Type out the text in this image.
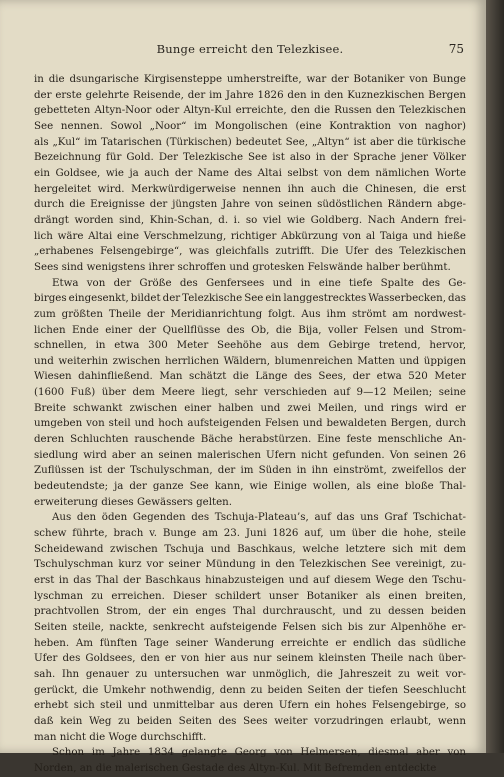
Bunge erreicht den Telezkisee.	75
in die dsungarische Kirgisensteppe umherstreifte, war der Botaniker von Bunge
der erste gelehrte Reisende, der im Jahre 1826 den in den Kuznezkischen Bergen
gebetteten Altyn-Noor oder Altyn-Kul erreichte, den die Russen den Telezkischen
See nennen. Sowol „Noor“ im Mongolischen (eine Kontraktion von naghor)
als „Kul“ im Tatarischen (Türkischen) bedeutet See, „Altyn“ ist aber die türkische
Bezeichnung für Gold. Der Telezkische See ist also in der Sprache jener Völker
ein Goldsee, wie ja auch der Name des Altai selbst von dem nämlichen Worte
hergeleitet wird. Merkwürdigerweise nennen ihn auch die Chinesen, die erst
durch die Ereignisse der jüngsten Jahre von seinen südöstlichen Rändern abge-
drängt worden sind, Khin-Schan, d. i. so viel wie Goldberg. Nach Andern frei-
lich wäre Altai eine Verschmelzung, richtiger Abkürzung von al Taiga und hieße
„erhabenes Felsengebirge“, was gleichfalls zutrifft. Die Ufer des Telezkischen
Sees sind wenigstens ihrer schroffen und grotesken Felswände halber berühmt.
Etwa von der Größe des Genfersees und in eine tiefe Spalte des Ge-
birges eingesenkt, bildet der Telezkische See ein langgestrecktes Wasserbecken, das
zum größten Theile der Meridianrichtung folgt. Aus ihm strömt am nordwest-
lichen Ende einer der Quellflüsse des Ob, die Bija, voller Felsen und Strom-
schnellen, in etwa 300 Meter Seehöhe aus dem Gebirge tretend, hervor,
und weiterhin zwischen herrlichen Wäldern, blumenreichen Matten und üppigen
Wiesen dahinfließend. Man schätzt die Länge des Sees, der etwa 520 Meter
(1600 Fuß) über dem Meere liegt, sehr verschieden auf 9—12 Meilen; seine
Breite schwankt zwischen einer halben und zwei Meilen, und rings wird er
umgeben von steil und hoch aufsteigenden Felsen und bewaldeten Bergen, durch
deren Schluchten rauschende Bäche herabstürzen. Eine feste menschliche An-
siedlung wird aber an seinen malerischen Ufern nicht gefunden. Von seinen 26
Zuflüssen ist der Tschulyschman, der im Süden in ihn einströmt, zweifellos der
bedeutendste; ja der ganze See kann, wie Einige wollen, als eine bloße Thal-
erweiterung dieses Gewässers gelten.
Aus den öden Gegenden des Tschuja-Plateau’s, auf das uns Graf Tschichat-
schew führte, brach v. Bunge am 23. Juni 1826 auf, um über die hohe, steile
Scheidewand zwischen Tschuja und Baschkaus, welche letztere sich mit dem
Tschulyschman kurz vor seiner Mündung in den Telezkischen See vereinigt, zu-
erst in das Thal der Baschkaus hinabzusteigen und auf diesem Wege den Tschu-
lyschman zu erreichen. Dieser schildert unser Botaniker als einen breiten,
prachtvollen Strom, der ein enges Thal durchrauscht, und zu dessen beiden
Seiten steile, nackte, senkrecht aufsteigende Felsen sich bis zur Alpenhöhe er-
heben. Am fünften Tage seiner Wanderung erreichte er endlich das südliche
Ufer des Goldsees, den er von hier aus nur seinem kleinsten Theile nach über-
sah. Ihn genauer zu untersuchen war unmöglich, die Jahreszeit zu weit vor-
gerückt, die Umkehr nothwendig, denn zu beiden Seiten der tiefen Seeschlucht
erhebt sich steil und unmittelbar aus deren Ufern ein hohes Felsengebirge, so
daß kein Weg zu beiden Seiten des Sees weiter vorzudringen erlaubt, wenn
man nicht die Woge durchschifft.
Schon im Jahre 1834 gelangte Georg von Helmersen, diesmal aber von
Norden, an die malerischen Gestade des Altyn-Kul. Mit Befremden entdeckte
